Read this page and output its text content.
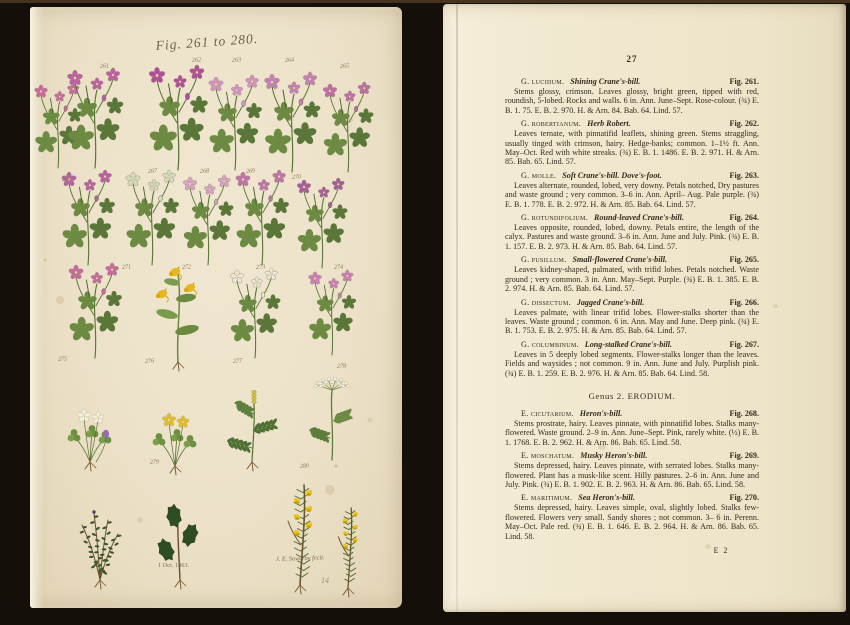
261
262	263	264
265
266
267	268	269
270
271	272	273	274
275	276	277
278
279
280
Fig. 261 to 280.
1 Oct. 1863.
J. E. Sowerby fecit.
14
27
G. lucidum. Shining Crane's-bill.	Fig. 261.

Stems glossy, crimson. Leaves glossy, bright green, tipped with red, roundish, 5-lobed. Rocks and walls. 6 in. Ann. June–Sept. Rose-colour. (¾) E. B. 1. 75. E. B. 2. 970. H. & Arn. 84. Bab. 64. Lind. 57.

G. robertianum. Herb Robert.	Fig. 262.

Leaves ternate, with pinnatifid leaflets, shining green. Stems straggling, usually tinged with crimson, hairy. Hedge-banks; common. 1–1½ ft. Ann. May–Oct. Red with white streaks. (¾) E. B. 1. 1486. E. B. 2. 971. H. & Arn. 85. Bab. 65. Lind. 57.

G. molle. Soft Crane's-bill. Dove's-foot.	Fig. 263.

Leaves alternate, rounded, lobed, very downy. Petals notched, Dry pastures and waste ground ; very common. 3–6 in. Ann. April– Aug. Pale purple. (¾) E. B. 1. 778. E. B. 2. 972. H. & Arn. 85. Bab. 64. Lind. 57.

G. rotundifolium. Round-leaved Crane's-bill.	Fig. 264.

Leaves opposite, rounded, lobed, downy. Petals entire, the length of the calyx. Pastures and waste ground. 3–6 in. Ann. June and July. Pink. (¾) E. B. 1. 157. E. B. 2. 973. H. & Arn. 85. Bab. 64. Lind. 57.

G. pusillum. Small-flowered Crane's-bill.	Fig. 265.

Leaves kidney-shaped, palmated, with trifid lobes. Petals notched. Waste ground ; very common. 3 in. Ann. May–Sept. Purple. (¾) E. B. 1. 385. E. B. 2. 974. H. & Arn. 85. Bab. 64. Lind. 57.

G. dissectum. Jagged Crane's-bill.	Fig. 266.

Leaves palmate, with linear trifid lobes. Flower-stalks shorter than the leaves. Waste ground ; common. 6 in. Ann. May and June. Deep pink. (¾) E. B. 1. 753. E. B. 2. 975. H. & Arn. 85. Bab. 64. Lind. 57.

G. columbinum. Long-stalked Crane's-bill.	Fig. 267.

Leaves in 5 deeply lobed segments. Flower-stalks longer than the leaves. Fields and waysides ; not common. 9 in. Ann. June and July. Purplish pink. (¾) E. B. 1. 259. E. B. 2. 976. H. & Arn. 85. Bab. 64. Lind. 58.

Genus 2. ERODIUM.
E. cicutarium. Heron's-bill.	Fig. 268.

Stems prostrate, hairy. Leaves pinnate, with pinnatifid lobes. Stalks many-flowered. Waste ground. 2–9 in. Ann. June–Sept. Pink, rarely white. (½) E. B. 1. 1768. E. B. 2. 962. H. & Arn. 86. Bab. 65. Lind. 58.

E. moschatum. Musky Heron's-bill.	Fig. 269.

Stems depressed, hairy. Leaves pinnate, with serrated lobes. Stalks many-flowered. Plant has a musk-like scent. Hilly pastures. 2–6 in. Ann. June and July. Pink. (¾) E. B. 1. 902. E. B. 2. 963. H. & Arn. 86. Bab. 65. Lind. 58.

E. maritimum. Sea Heron's-bill.	Fig. 270.

Stems depressed, hairy. Leaves simple, oval, slightly lobed. Stalks few-flowered. Flowers very small. Sandy shores ; not common. 3– 6 in. Perenn. May–Oct. Pale red. (¾) E. B. 1. 646. E. B. 2. 964. H. & Arn. 86. Bab. 65. Lind. 58.

E 2
